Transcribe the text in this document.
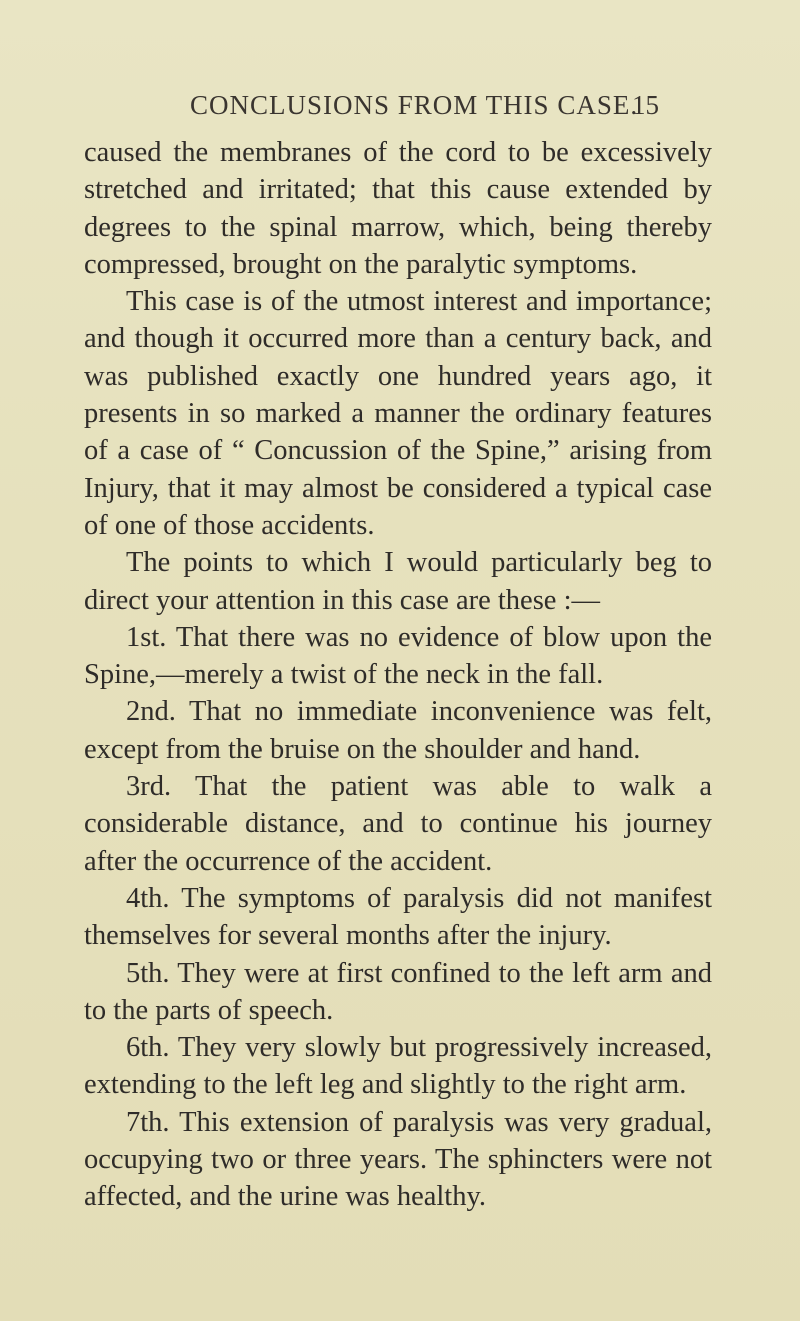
CONCLUSIONS FROM THIS CASE.
15

caused the membranes of the cord to be excessively stretched and irritated; that this cause extended by degrees to the spinal marrow, which, being thereby compressed, brought on the paralytic symptoms.

This case is of the utmost interest and importance; and though it occurred more than a century back, and was published exactly one hundred years ago, it presents in so marked a manner the ordinary features of a case of “ Concussion of the Spine,” arising from Injury, that it may almost be considered a typical case of one of those accidents.

The points to which I would particularly beg to direct your attention in this case are these :—

1st. That there was no evidence of blow upon the Spine,—merely a twist of the neck in the fall.

2nd. That no immediate inconvenience was felt, except from the bruise on the shoulder and hand.

3rd. That the patient was able to walk a considerable distance, and to continue his journey after the occurrence of the accident.

4th. The symptoms of paralysis did not manifest themselves for several months after the injury.

5th. They were at first confined to the left arm and to the parts of speech.

6th. They very slowly but progressively increased, extending to the left leg and slightly to the right arm.

7th. This extension of paralysis was very gradual, occupying two or three years. The sphincters were not affected, and the urine was healthy.
